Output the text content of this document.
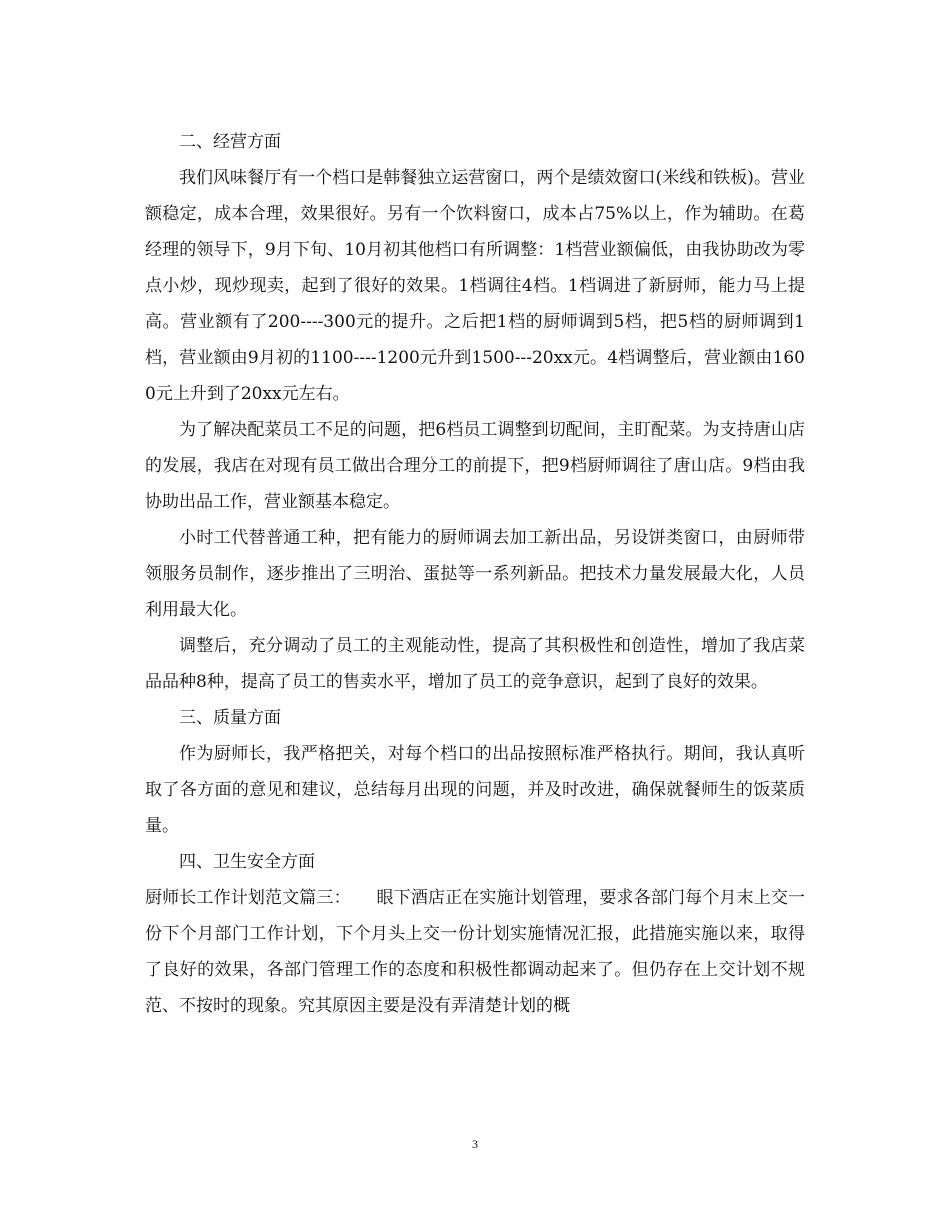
二、经营方面

我们风味餐厅有一个档口是韩餐独立运营窗口，两个是绩效窗口(米线和铁板)。营业额稳定，成本合理，效果很好。另有一个饮料窗口，成本占75%以上，作为辅助。在葛经理的领导下，9月下旬、10月初其他档口有所调整：1档营业额偏低，由我协助改为零点小炒，现炒现卖，起到了很好的效果。1档调往4档。1档调进了新厨师，能力马上提高。营业额有了200----300元的提升。之后把1档的厨师调到5档，把5档的厨师调到1档，营业额由9月初的1100----1200元升到1500---20xx元。4档调整后，营业额由1600元上升到了20xx元左右。

为了解决配菜员工不足的问题，把6档员工调整到切配间，主盯配菜。为支持唐山店的发展，我店在对现有员工做出合理分工的前提下，把9档厨师调往了唐山店。9档由我协助出品工作，营业额基本稳定。

小时工代替普通工种，把有能力的厨师调去加工新出品，另设饼类窗口，由厨师带领服务员制作，逐步推出了三明治、蛋挞等一系列新品。把技术力量发展最大化，人员利用最大化。

调整后，充分调动了员工的主观能动性，提高了其积极性和创造性，增加了我店菜品品种8种，提高了员工的售卖水平，增加了员工的竞争意识，起到了良好的效果。

三、质量方面

作为厨师长，我严格把关，对每个档口的出品按照标准严格执行。期间，我认真听取了各方面的意见和建议，总结每月出现的问题，并及时改进，确保就餐师生的饭菜质量。

四、卫生安全方面

厨师长工作计划范文篇三：　　眼下酒店正在实施计划管理，要求各部门每个月末上交一份下个月部门工作计划，下个月头上交一份计划实施情况汇报，此措施实施以来，取得了良好的效果，各部门管理工作的态度和积极性都调动起来了。但仍存在上交计划不规范、不按时的现象。究其原因主要是没有弄清楚计划的概

3
